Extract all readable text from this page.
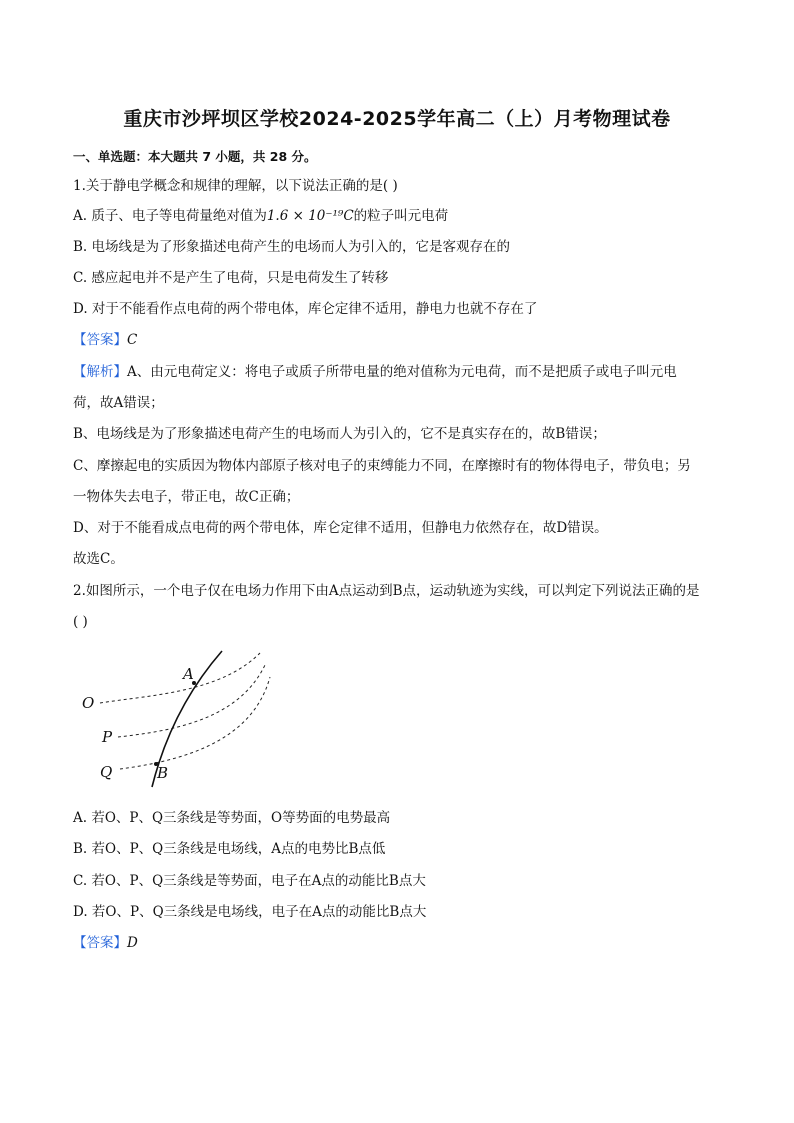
重庆市沙坪坝区学校2024-2025学年高二（上）月考物理试卷
一、单选题：本大题共 7 小题，共 28 分。
1.关于静电学概念和规律的理解，以下说法正确的是( )
A. 质子、电子等电荷量绝对值为1.6 × 10⁻¹⁹C的粒子叫元电荷
B. 电场线是为了形象描述电荷产生的电场而人为引入的，它是客观存在的
C. 感应起电并不是产生了电荷，只是电荷发生了转移
D. 对于不能看作点电荷的两个带电体，库仑定律不适用，静电力也就不存在了
【答案】C
【解析】A、由元电荷定义：将电子或质子所带电量的绝对值称为元电荷，而不是把质子或电子叫元电
荷，故A错误；
B、电场线是为了形象描述电荷产生的电场而人为引入的，它不是真实存在的，故B错误；
C、摩擦起电的实质因为物体内部原子核对电子的束缚能力不同，在摩擦时有的物体得电子，带负电；另
一物体失去电子，带正电，故C正确；
D、对于不能看成点电荷的两个带电体，库仑定律不适用，但静电力依然存在，故D错误。
故选C。
2.如图所示，一个电子仅在电场力作用下由A点运动到B点，运动轨迹为实线，可以判定下列说法正确的是
( )
O
P
Q
A
B
A. 若O、P、Q三条线是等势面，O等势面的电势最高
B. 若O、P、Q三条线是电场线，A点的电势比B点低
C. 若O、P、Q三条线是等势面，电子在A点的动能比B点大
D. 若O、P、Q三条线是电场线，电子在A点的动能比B点大
【答案】D
